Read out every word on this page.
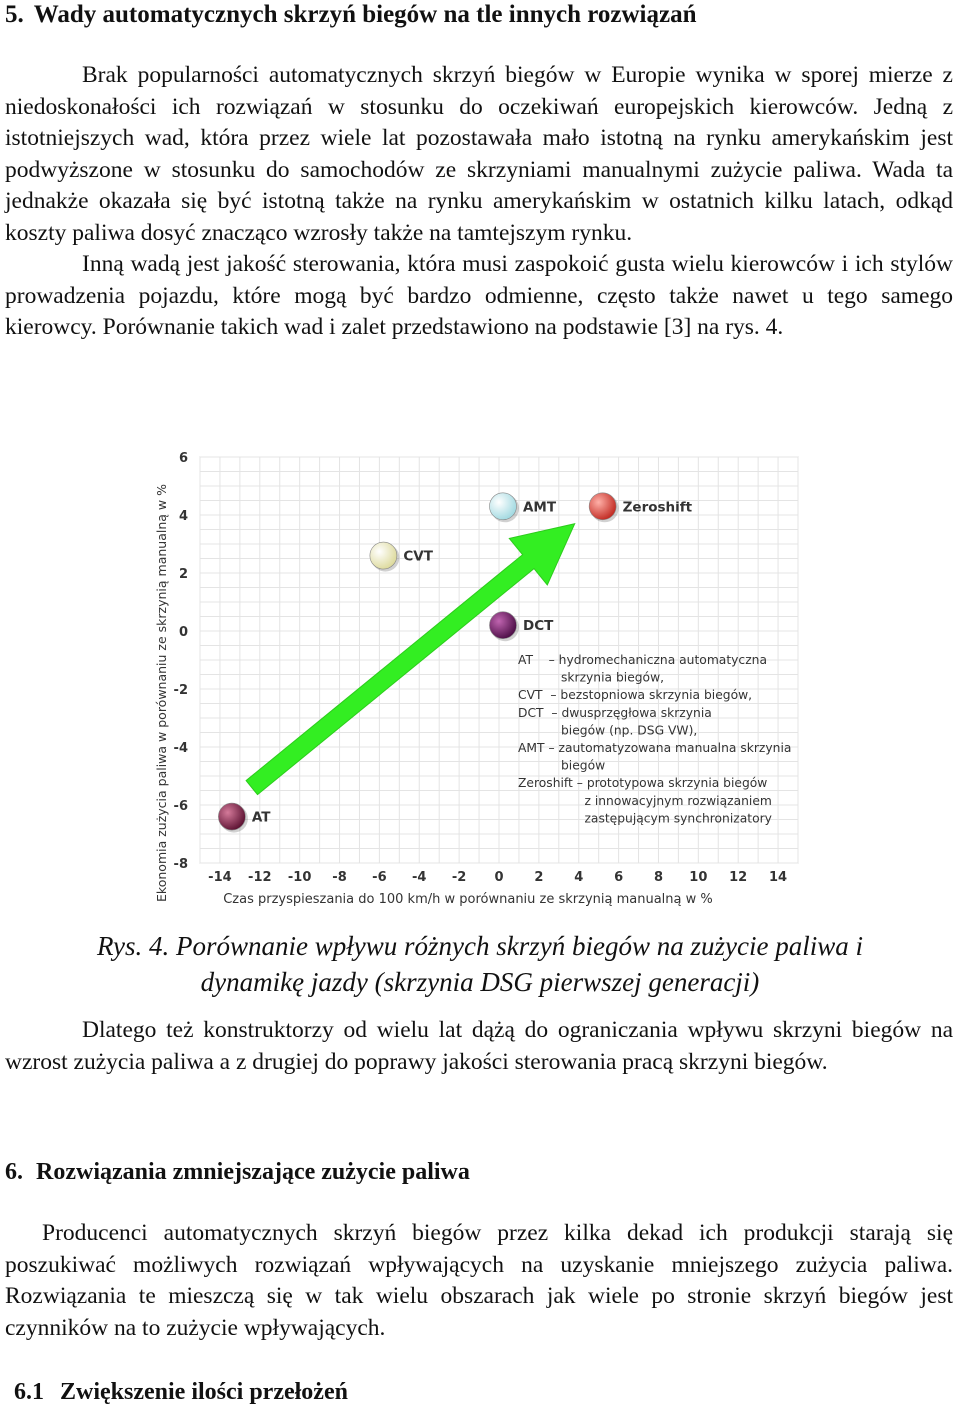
5. Wady automatycznych skrzyń biegów na tle innych rozwiązań

Brak popularności automatycznych skrzyń biegów w Europie wynika w sporej mierze z niedoskonałości ich rozwiązań w stosunku do oczekiwań europejskich kierowców. Jedną z istotniejszych wad, która przez wiele lat pozostawała mało istotną na rynku amerykańskim jest podwyższone w stosunku do samochodów ze skrzyniami manualnymi zużycie paliwa. Wada ta jednakże okazała się być istotną także na rynku amerykańskim w ostatnich kilku latach, odkąd koszty paliwa dosyć znacząco wzrosły także na tamtejszym rynku.

Inną wadą jest jakość sterowania, która musi zaspokoić gusta wielu kierowców i ich stylów prowadzenia pojazdu, które mogą być bardzo odmienne, często także nawet u tego samego kierowcy. Porównanie takich wad i zalet przedstawiono na podstawie [3] na rys. 4.

-14 -12 -10 -8 -6 -4 -2 0 2 4 6 8 10 12 14
6
4
2
0
-2
-4
-6
-8
AT
CVT
DCT
AMT	Zeroshift
AT    – hydromechaniczna automatyczna
skrzynia biegów,
CVT  – bezstopniowa skrzynia biegów,
DCT  – dwusprzęgłowa skrzynia
biegów (np. DSG VW),
AMT – zautomatyzowana manualna skrzynia
biegów
Zeroshift – prototypowa skrzynia biegów
z innowacyjnym rozwiązaniem
zastępującym synchronizatory
Ekonomia zużycia paliwa w porównaniu ze skrzynią manualną w %	Czas przyspieszania do 100 km/h w porównaniu ze skrzynią manualną w %
Rys. 4. Porównanie wpływu różnych skrzyń biegów na zużycie paliwa i
dynamikę jazdy (skrzynia DSG pierwszej generacji)

Dlatego też konstruktorzy od wielu lat dążą do ograniczania wpływu skrzyni biegów na wzrost zużycia paliwa a z drugiej do poprawy jakości sterowania pracą skrzyni biegów.

6. Rozwiązania zmniejszające zużycie paliwa

Producenci automatycznych skrzyń biegów przez kilka dekad ich produkcji starają się poszukiwać możliwych rozwiązań wpływających na uzyskanie mniejszego zużycia paliwa. Rozwiązania te mieszczą się w tak wielu obszarach jak wiele po stronie skrzyń biegów jest czynników na to zużycie wpływających.

6.1 Zwiększenie ilości przełożeń
